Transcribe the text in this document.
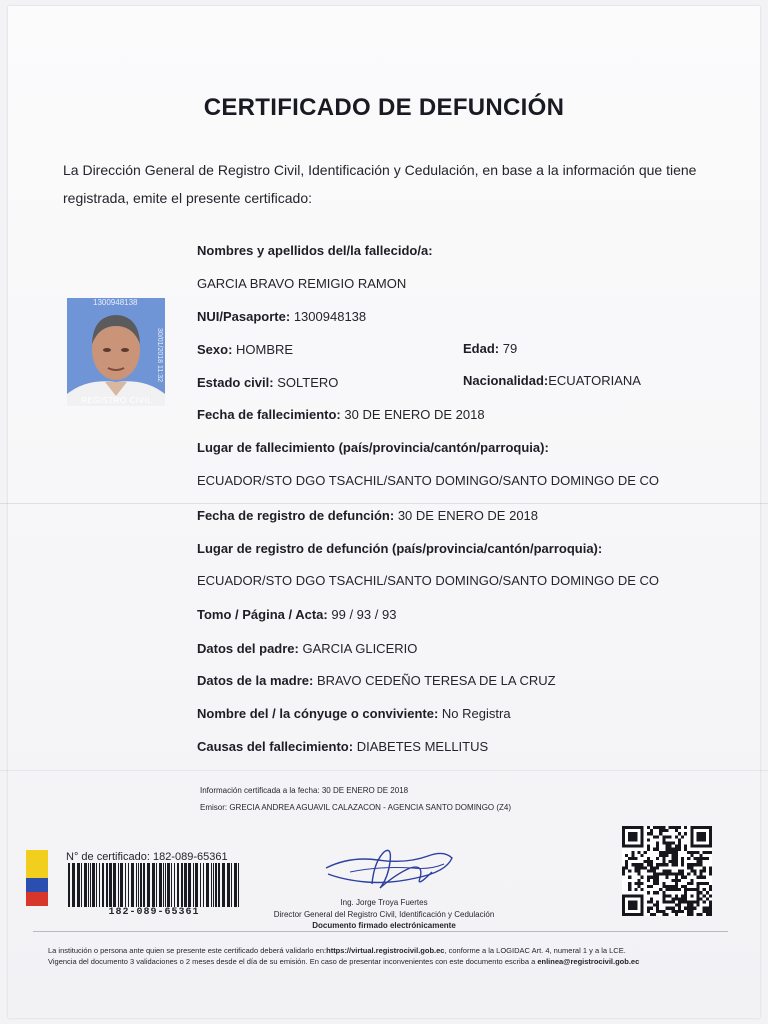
CERTIFICADO DE DEFUNCIÓN
La Dirección General de Registro Civil, Identificación y Cedulación, en base a la información que tiene registrada, emite el presente certificado:
1300948138
30/01/2018 11:32
REGISTRO CIVIL
Nombres y apellidos del/la fallecido/a:
GARCIA BRAVO REMIGIO RAMON
NUI/Pasaporte: 1300948138
Sexo: HOMBRE	Edad: 79
Estado civil: SOLTERO	Nacionalidad:ECUATORIANA
Fecha de fallecimiento: 30 DE ENERO DE 2018
Lugar de fallecimiento (país/provincia/cantón/parroquia):
ECUADOR/STO DGO TSACHIL/SANTO DOMINGO/SANTO DOMINGO DE CO
Fecha de registro de defunción: 30 DE ENERO DE 2018
Lugar de registro de defunción (país/provincia/cantón/parroquia):
ECUADOR/STO DGO TSACHIL/SANTO DOMINGO/SANTO DOMINGO DE CO
Tomo / Página / Acta: 99 / 93 / 93
Datos del padre: GARCIA GLICERIO
Datos de la madre: BRAVO CEDEÑO TERESA DE LA CRUZ
Nombre del / la cónyuge o conviviente: No Registra
Causas del fallecimiento: DIABETES MELLITUS
Información certificada a la fecha: 30 DE ENERO DE 2018
Emisor: GRECIA ANDREA AGUAVIL CALAZACON - AGENCIA SANTO DOMINGO (Z4)
N° de certificado: 182-089-65361
182-089-65361
Ing. Jorge Troya Fuertes
Director General del Registro Civil, Identificación y Cedulación
Documento firmado electrónicamente
La institución o persona ante quien se presente este certificado deberá validarlo en:https://virtual.registrocivil.gob.ec, conforme a la LOGIDAC Art. 4, numeral 1 y a la LCE.
Vigencia del documento 3 validaciones o 2 meses desde el día de su emisión. En caso de presentar inconvenientes con este documento escriba a enlinea@registrocivil.gob.ec
